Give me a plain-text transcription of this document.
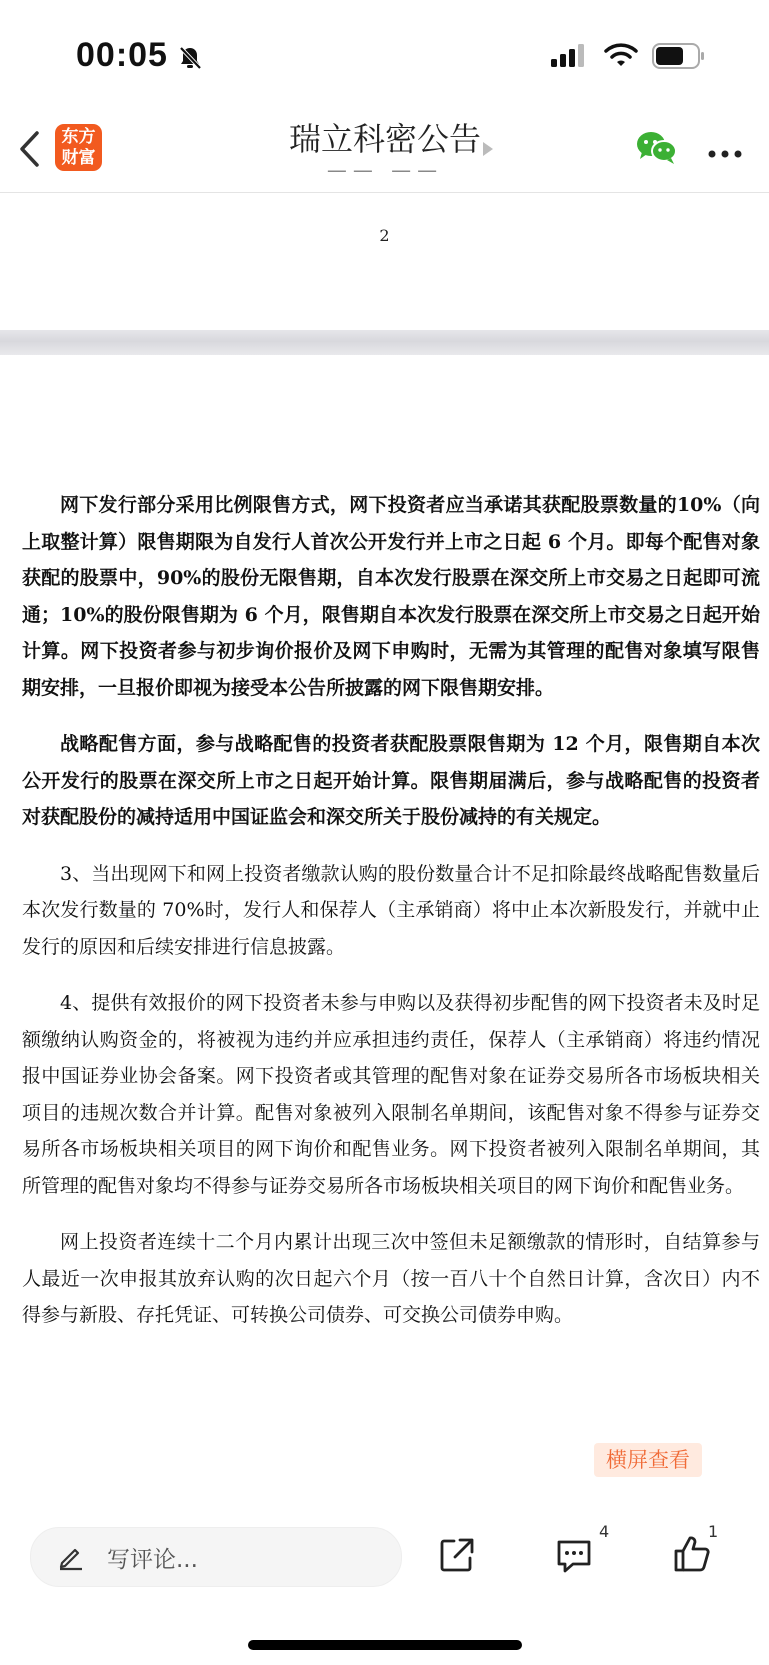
00:05
东方
财富	瑞立科密公告
—— ——
2

网下发行部分采用比例限售方式，网下投资者应当承诺其获配股票数量的10%（向上取整计算）限售期限为自发行人首次公开发行并上市之日起 6 个月。即每个配售对象获配的股票中，90%的股份无限售期，自本次发行股票在深交所上市交易之日起即可流通；10%的股份限售期为 6 个月，限售期自本次发行股票在深交所上市交易之日起开始计算。网下投资者参与初步询价报价及网下申购时，无需为其管理的配售对象填写限售期安排，一旦报价即视为接受本公告所披露的网下限售期安排。

战略配售方面，参与战略配售的投资者获配股票限售期为 12 个月，限售期自本次公开发行的股票在深交所上市之日起开始计算。限售期届满后，参与战略配售的投资者对获配股份的减持适用中国证监会和深交所关于股份减持的有关规定。

3、当出现网下和网上投资者缴款认购的股份数量合计不足扣除最终战略配售数量后本次发行数量的 70%时，发行人和保荐人（主承销商）将中止本次新股发行，并就中止发行的原因和后续安排进行信息披露。

4、提供有效报价的网下投资者未参与申购以及获得初步配售的网下投资者未及时足额缴纳认购资金的，将被视为违约并应承担违约责任，保荐人（主承销商）将违约情况报中国证券业协会备案。网下投资者或其管理的配售对象在证券交易所各市场板块相关项目的违规次数合并计算。配售对象被列入限制名单期间，该配售对象不得参与证券交易所各市场板块相关项目的网下询价和配售业务。网下投资者被列入限制名单期间，其所管理的配售对象均不得参与证券交易所各市场板块相关项目的网下询价和配售业务。

网上投资者连续十二个月内累计出现三次中签但未足额缴款的情形时，自结算参与人最近一次申报其放弃认购的次日起六个月（按一百八十个自然日计算，含次日）内不得参与新股、存托凭证、可转换公司债券、可交换公司债券申购。

横屏查看
写评论...
4	1
